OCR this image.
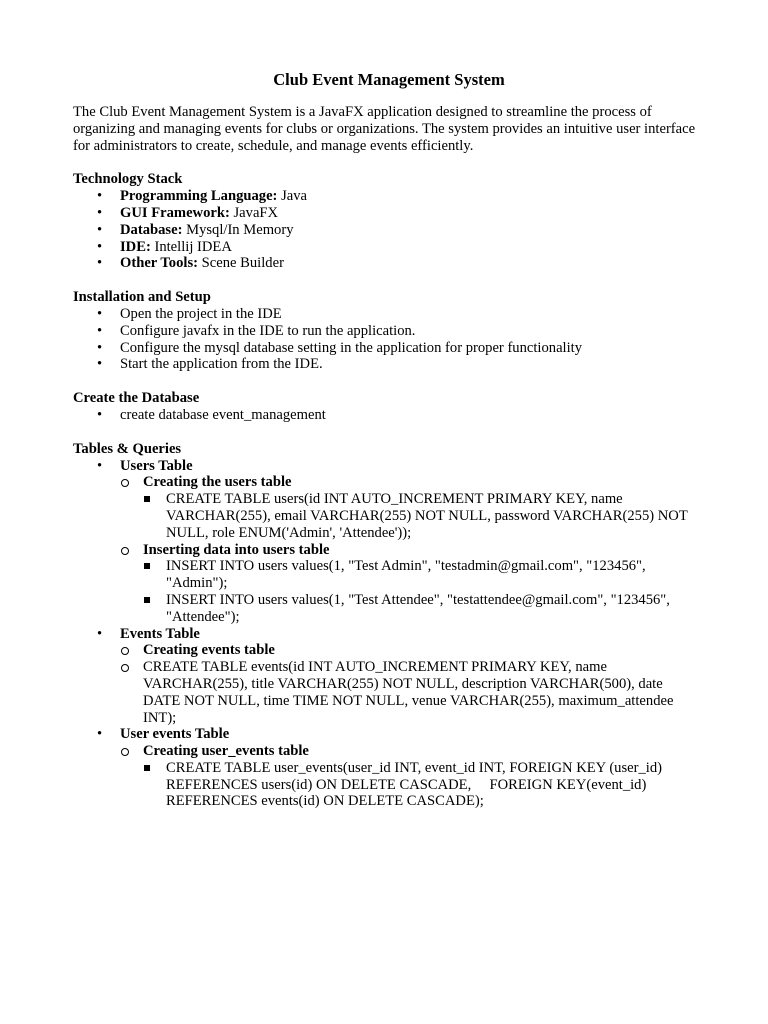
Club Event Management System
The Club Event Management System is a JavaFX application designed to streamline the process of organizing and managing events for clubs or organizations. The system provides an intuitive user interface for administrators to create, schedule, and manage events efficiently.
Technology Stack
• Programming Language: Java
• GUI Framework: JavaFX
• Database: Mysql/In Memory
• IDE: Intellij IDEA
• Other Tools: Scene Builder
Installation and Setup
• Open the project in the IDE
• Configure javafx in the IDE to run the application.
• Configure the mysql database setting in the application for proper functionality
• Start the application from the IDE.
Create the Database
• create database event_management
Tables & Queries
• Users Table
Creating the users table
CREATE TABLE users(id INT AUTO_INCREMENT PRIMARY KEY, name VARCHAR(255), email VARCHAR(255) NOT NULL, password VARCHAR(255) NOT NULL, role ENUM('Admin', 'Attendee'));
Inserting data into users table
INSERT INTO users values(1, "Test Admin", "testadmin@gmail.com", "123456", "Admin");
INSERT INTO users values(1, "Test Attendee", "testattendee@gmail.com", "123456", "Attendee");
• Events Table
Creating events table
CREATE TABLE events(id INT AUTO_INCREMENT PRIMARY KEY, name VARCHAR(255), title VARCHAR(255) NOT NULL, description VARCHAR(500), date DATE NOT NULL, time TIME NOT NULL, venue VARCHAR(255), maximum_attendee INT);
• User events Table
Creating user_events table
CREATE TABLE user_events(user_id INT, event_id INT, FOREIGN KEY (user_id) REFERENCES users(id) ON DELETE CASCADE,     FOREIGN KEY(event_id) REFERENCES events(id) ON DELETE CASCADE);
